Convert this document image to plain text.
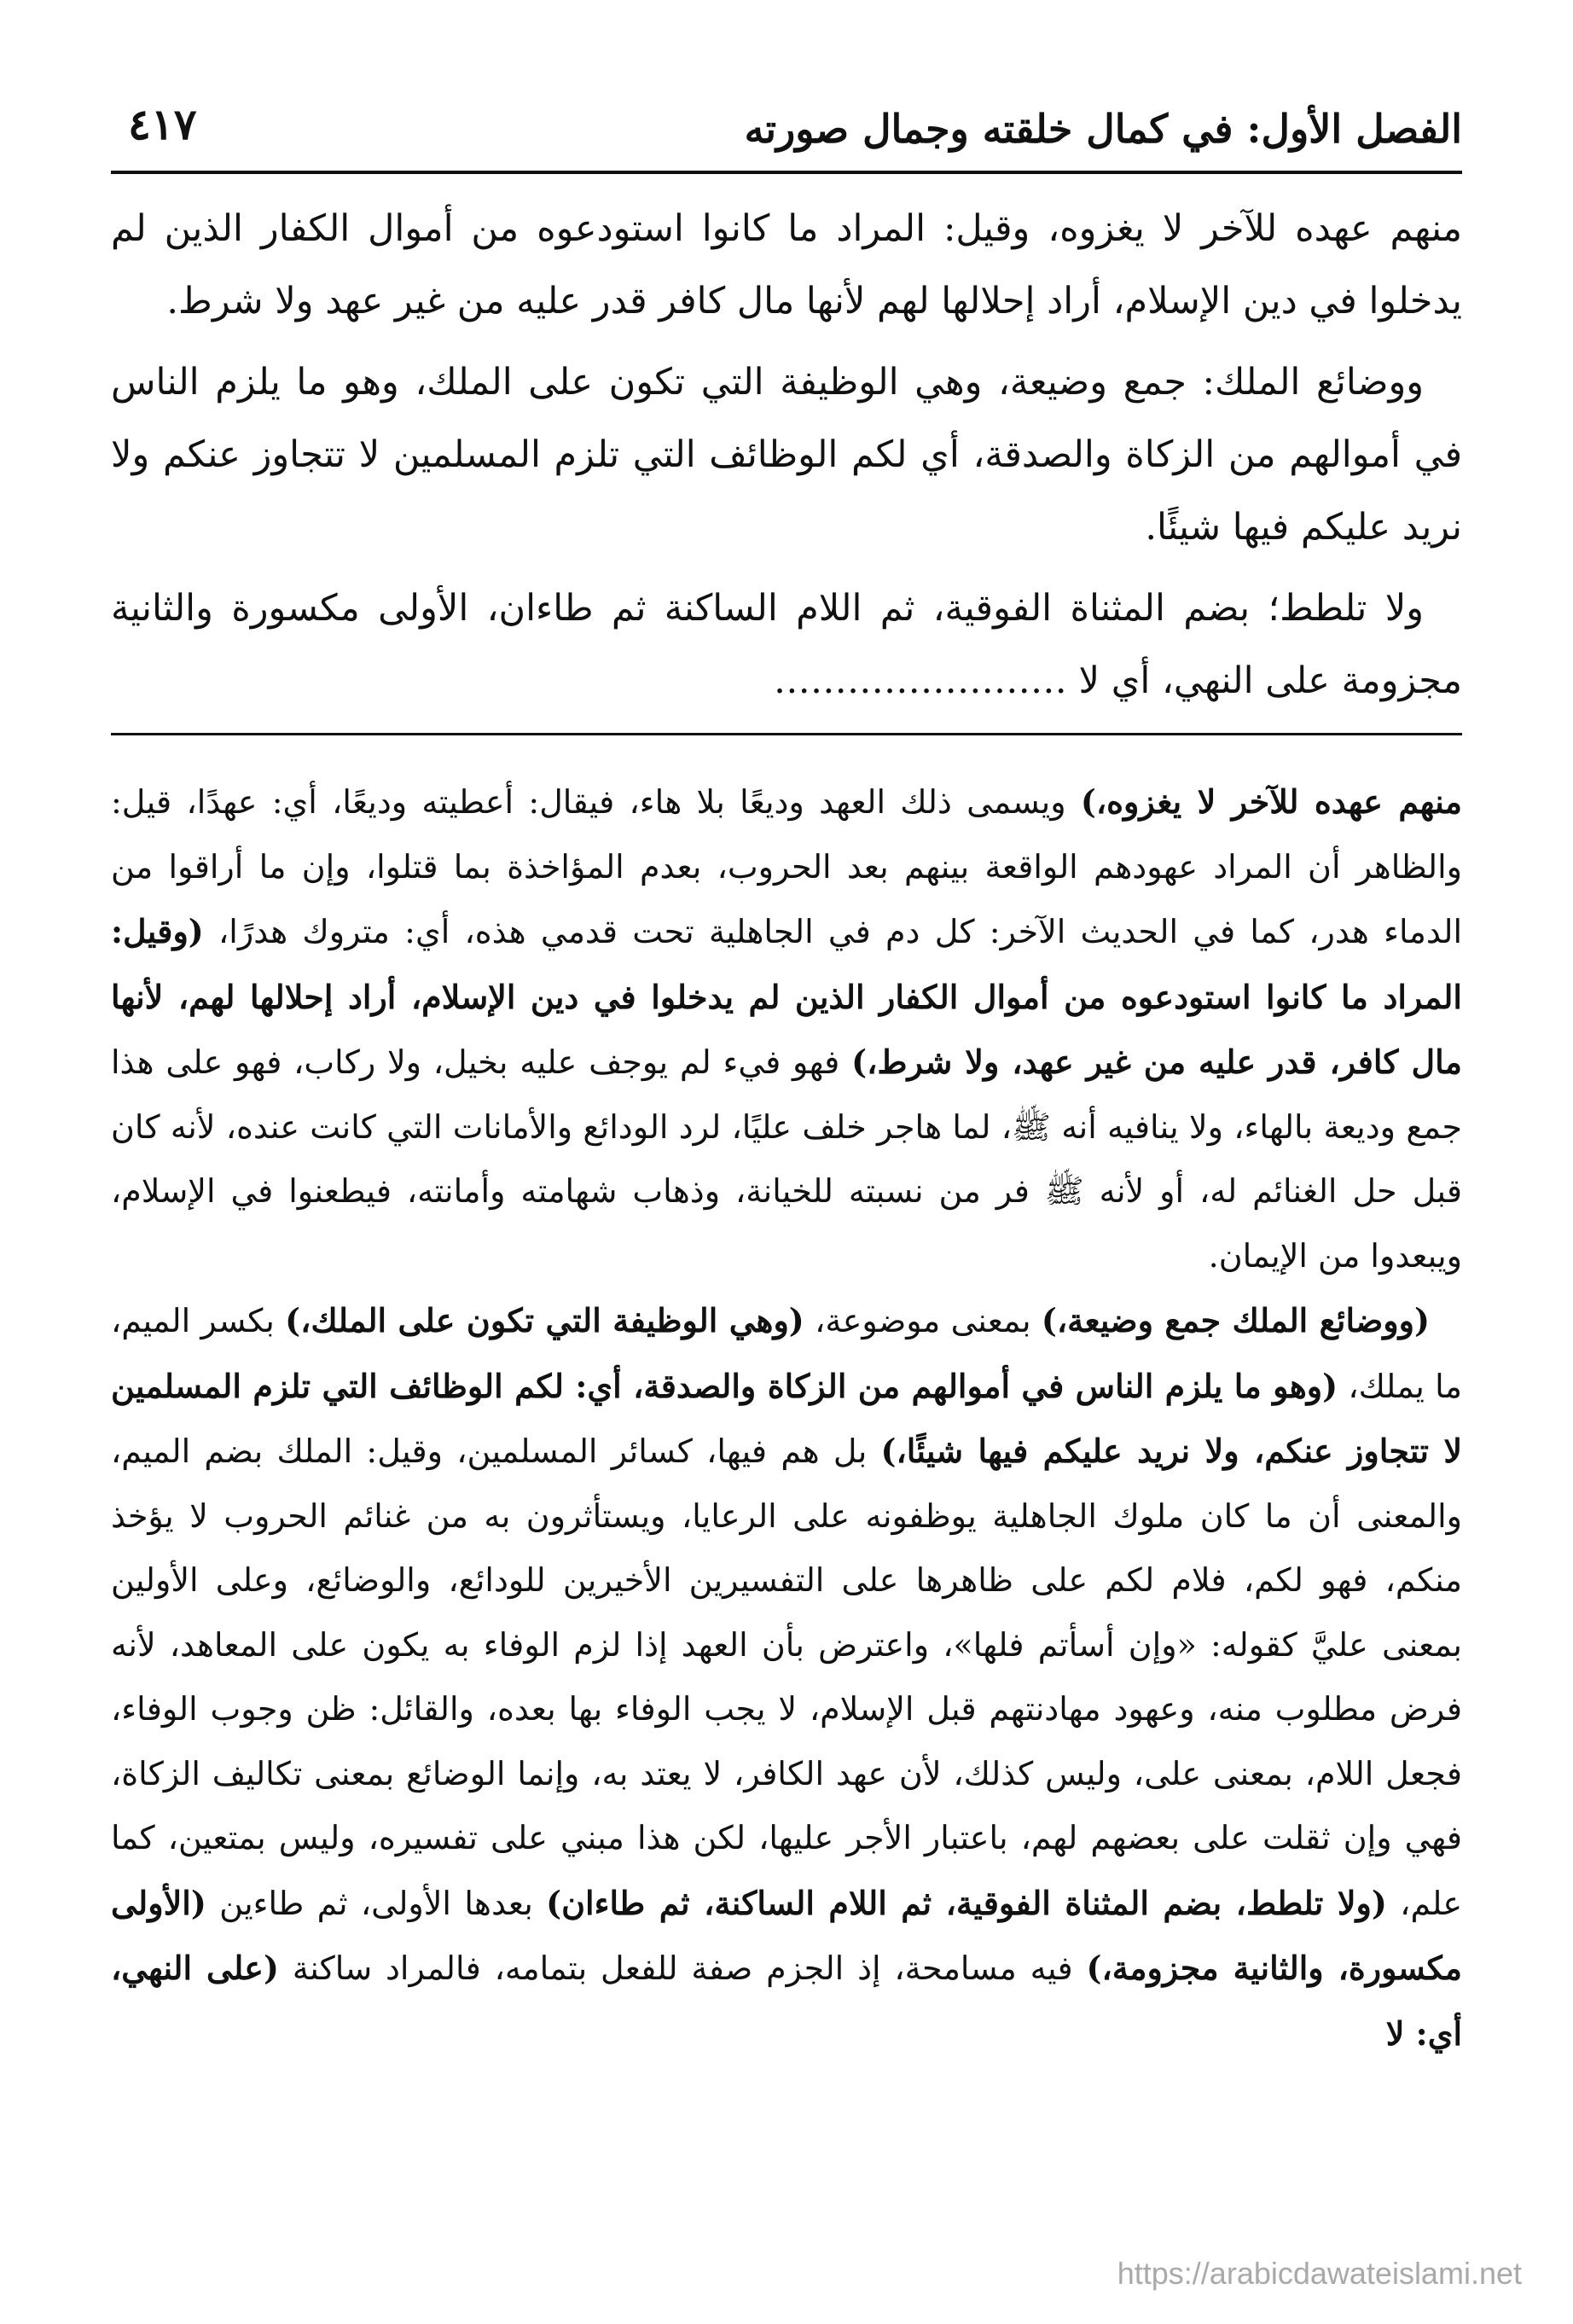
الفصل الأول: في كمال خلقته وجمال صورته
٤١٧

منهم عهده للآخر لا يغزوه، وقيل: المراد ما كانوا استودعوه من أموال الكفار الذين لم يدخلوا في دين الإسلام، أراد إحلالها لهم لأنها مال كافر قدر عليه من غير عهد ولا شرط.

ووضائع الملك: جمع وضيعة، وهي الوظيفة التي تكون على الملك، وهو ما يلزم الناس في أموالهم من الزكاة والصدقة، أي لكم الوظائف التي تلزم المسلمين لا تتجاوز عنكم ولا نريد عليكم فيها شيئًا.

ولا تلطط؛ بضم المثناة الفوقية، ثم اللام الساكنة ثم طاءان، الأولى مكسورة والثانية مجزومة على النهي، أي لا ……………………

منهم عهده للآخر لا يغزوه،) ويسمى ذلك العهد وديعًا بلا هاء، فيقال: أعطيته وديعًا، أي: عهدًا، قيل: والظاهر أن المراد عهودهم الواقعة بينهم بعد الحروب، بعدم المؤاخذة بما قتلوا، وإن ما أراقوا من الدماء هدر، كما في الحديث الآخر: كل دم في الجاهلية تحت قدمي هذه، أي: متروك هدرًا، (وقيل: المراد ما كانوا استودعوه من أموال الكفار الذين لم يدخلوا في دين الإسلام، أراد إحلالها لهم، لأنها مال كافر، قدر عليه من غير عهد، ولا شرط،) فهو فيء لم يوجف عليه بخيل، ولا ركاب، فهو على هذا جمع وديعة بالهاء، ولا ينافيه أنه ﷺ، لما هاجر خلف عليًا، لرد الودائع والأمانات التي كانت عنده، لأنه كان قبل حل الغنائم له، أو لأنه ﷺ فر من نسبته للخيانة، وذهاب شهامته وأمانته، فيطعنوا في الإسلام، ويبعدوا من الإيمان.

(ووضائع الملك جمع وضيعة،) بمعنى موضوعة، (وهي الوظيفة التي تكون على الملك،) بكسر الميم، ما يملك، (وهو ما يلزم الناس في أموالهم من الزكاة والصدقة، أي: لكم الوظائف التي تلزم المسلمين لا تتجاوز عنكم، ولا نريد عليكم فيها شيئًا،) بل هم فيها، كسائر المسلمين، وقيل: الملك بضم الميم، والمعنى أن ما كان ملوك الجاهلية يوظفونه على الرعايا، ويستأثرون به من غنائم الحروب لا يؤخذ منكم، فهو لكم، فلام لكم على ظاهرها على التفسيرين الأخيرين للودائع، والوضائع، وعلى الأولين بمعنى عليَّ كقوله: «وإن أسأتم فلها»، واعترض بأن العهد إذا لزم الوفاء به يكون على المعاهد، لأنه فرض مطلوب منه، وعهود مهادنتهم قبل الإسلام، لا يجب الوفاء بها بعده، والقائل: ظن وجوب الوفاء، فجعل اللام، بمعنى على، وليس كذلك، لأن عهد الكافر، لا يعتد به، وإنما الوضائع بمعنى تكاليف الزكاة، فهي وإن ثقلت على بعضهم لهم، باعتبار الأجر عليها، لكن هذا مبني على تفسيره، وليس بمتعين، كما علم، (ولا تلطط، بضم المثناة الفوقية، ثم اللام الساكنة، ثم طاءان) بعدها الأولى، ثم طاءين (الأولى مكسورة، والثانية مجزومة،) فيه مسامحة، إذ الجزم صفة للفعل بتمامه، فالمراد ساكنة (على النهي، أي: لا

https://arabicdawateislami.net
